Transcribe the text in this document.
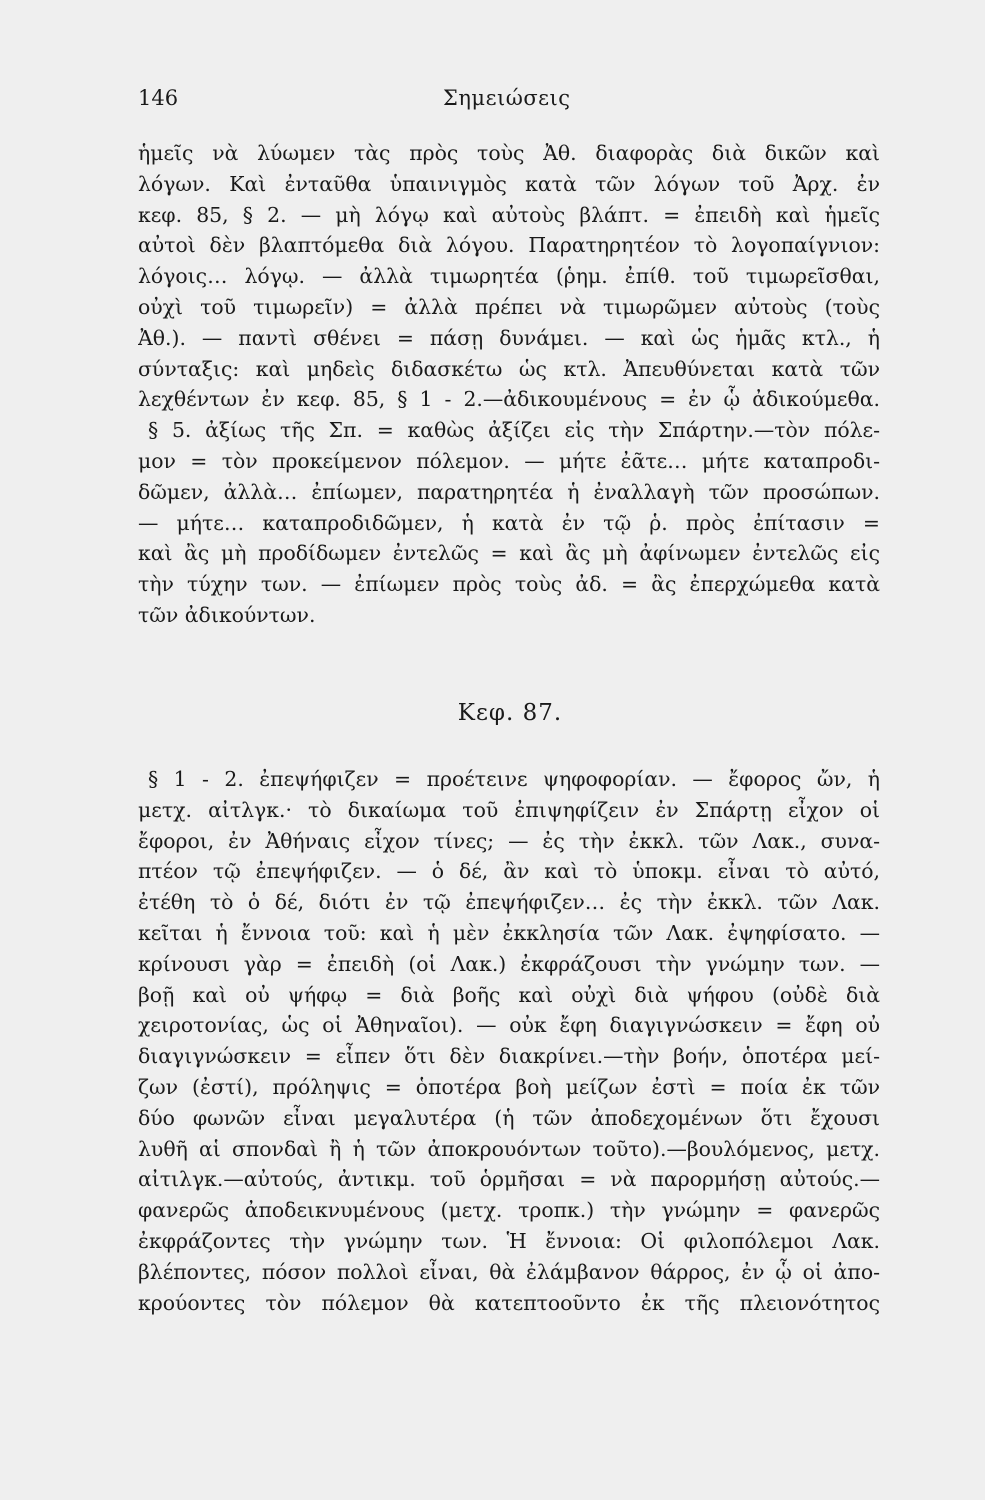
146	Σημειώσεις
ἡμεῖς νὰ λύωμεν τὰς πρὸς τοὺς Ἀθ. διαφορὰς διὰ δικῶν καὶ
λόγων. Καὶ ἐνταῦθα ὑπαινιγμὸς κατὰ τῶν λόγων τοῦ Ἀρχ. ἐν
κεφ. 85, § 2. — μὴ λόγῳ καὶ αὐτοὺς βλάπτ. = ἐπειδὴ καὶ ἡμεῖς
αὐτοὶ δὲν βλαπτόμεθα διὰ λόγου. Παρατηρητέον τὸ λογοπαίγνιον:
λόγοις… λόγῳ. — ἀλλὰ τιμωρητέα (ῥημ. ἐπίθ. τοῦ τιμωρεῖσθαι,
οὐχὶ τοῦ τιμωρεῖν) = ἀλλὰ πρέπει νὰ τιμωρῶμεν αὐτοὺς (τοὺς
Ἀθ.). — παντὶ σθένει = πάσῃ δυνάμει. — καὶ ὡς ἡμᾶς κτλ., ἡ
σύνταξις: καὶ μηδεὶς διδασκέτω ὡς κτλ. Ἀπευθύνεται κατὰ τῶν
λεχθέντων ἐν κεφ. 85, § 1 - 2.—ἀδικουμένους = ἐν ᾧ ἀδικούμεθα.
§ 5. ἀξίως τῆς Σπ. = καθὼς ἀξίζει εἰς τὴν Σπάρτην.—τὸν πόλε-
μον = τὸν προκείμενον πόλεμον. — μήτε ἐᾶτε… μήτε καταπροδι-
δῶμεν, ἀλλὰ… ἐπίωμεν, παρατηρητέα ἡ ἐναλλαγὴ τῶν προσώπων.
— μήτε… καταπροδιδῶμεν, ἡ κατὰ ἐν τῷ ῥ. πρὸς ἐπίτασιν =
καὶ ἂς μὴ προδίδωμεν ἐντελῶς = καὶ ἂς μὴ ἀφίνωμεν ἐντελῶς εἰς
τὴν τύχην των. — ἐπίωμεν πρὸς τοὺς ἀδ. = ἂς ἐπερχώμεθα κατὰ
τῶν ἀδικούντων.
Κεφ. 87.
§ 1 - 2. ἐπεψήφιζεν = προέτεινε ψηφοφορίαν. — ἔφορος ὤν, ἡ
μετχ. αἰτλγκ.· τὸ δικαίωμα τοῦ ἐπιψηφίζειν ἐν Σπάρτῃ εἶχον οἱ
ἔφοροι, ἐν Ἀθήναις εἶχον τίνες; — ἐς τὴν ἐκκλ. τῶν Λακ., συνα-
πτέον τῷ ἐπεψήφιζεν. — ὁ δέ, ἂν καὶ τὸ ὑποκμ. εἶναι τὸ αὐτό,
ἐτέθη τὸ ὁ δέ, διότι ἐν τῷ ἐπεψήφιζεν… ἐς τὴν ἐκκλ. τῶν Λακ.
κεῖται ἡ ἔννοια τοῦ: καὶ ἡ μὲν ἐκκλησία τῶν Λακ. ἐψηφίσατο. —
κρίνουσι γὰρ = ἐπειδὴ (οἱ Λακ.) ἐκφράζουσι τὴν γνώμην των. —
βοῇ καὶ οὐ ψήφῳ = διὰ βοῆς καὶ οὐχὶ διὰ ψήφου (οὐδὲ διὰ
χειροτονίας, ὡς οἱ Ἀθηναῖοι). — οὐκ ἔφη διαγιγνώσκειν = ἔφη οὐ
διαγιγνώσκειν = εἶπεν ὅτι δὲν διακρίνει.—τὴν βοήν, ὁποτέρα μεί-
ζων (ἐστί), πρόληψις = ὁποτέρα βοὴ μείζων ἐστὶ = ποία ἐκ τῶν
δύο φωνῶν εἶναι μεγαλυτέρα (ἡ τῶν ἀποδεχομένων ὅτι ἔχουσι
λυθῆ αἱ σπονδαὶ ἢ ἡ τῶν ἀποκρουόντων τοῦτο).—βουλόμενος, μετχ.
αἰτιλγκ.—αὐτούς, ἀντικμ. τοῦ ὁρμῆσαι = νὰ παρορμήσῃ αὐτούς.—
φανερῶς ἀποδεικνυμένους (μετχ. τροπκ.) τὴν γνώμην = φανερῶς
ἐκφράζοντες τὴν γνώμην των. Ἡ ἔννοια: Οἱ φιλοπόλεμοι Λακ.
βλέποντες, πόσον πολλοὶ εἶναι, θὰ ἐλάμβανον θάρρος, ἐν ᾧ οἱ ἀπο-
κρούοντες τὸν πόλεμον θὰ κατεπτοοῦντο ἐκ τῆς πλειονότητος
